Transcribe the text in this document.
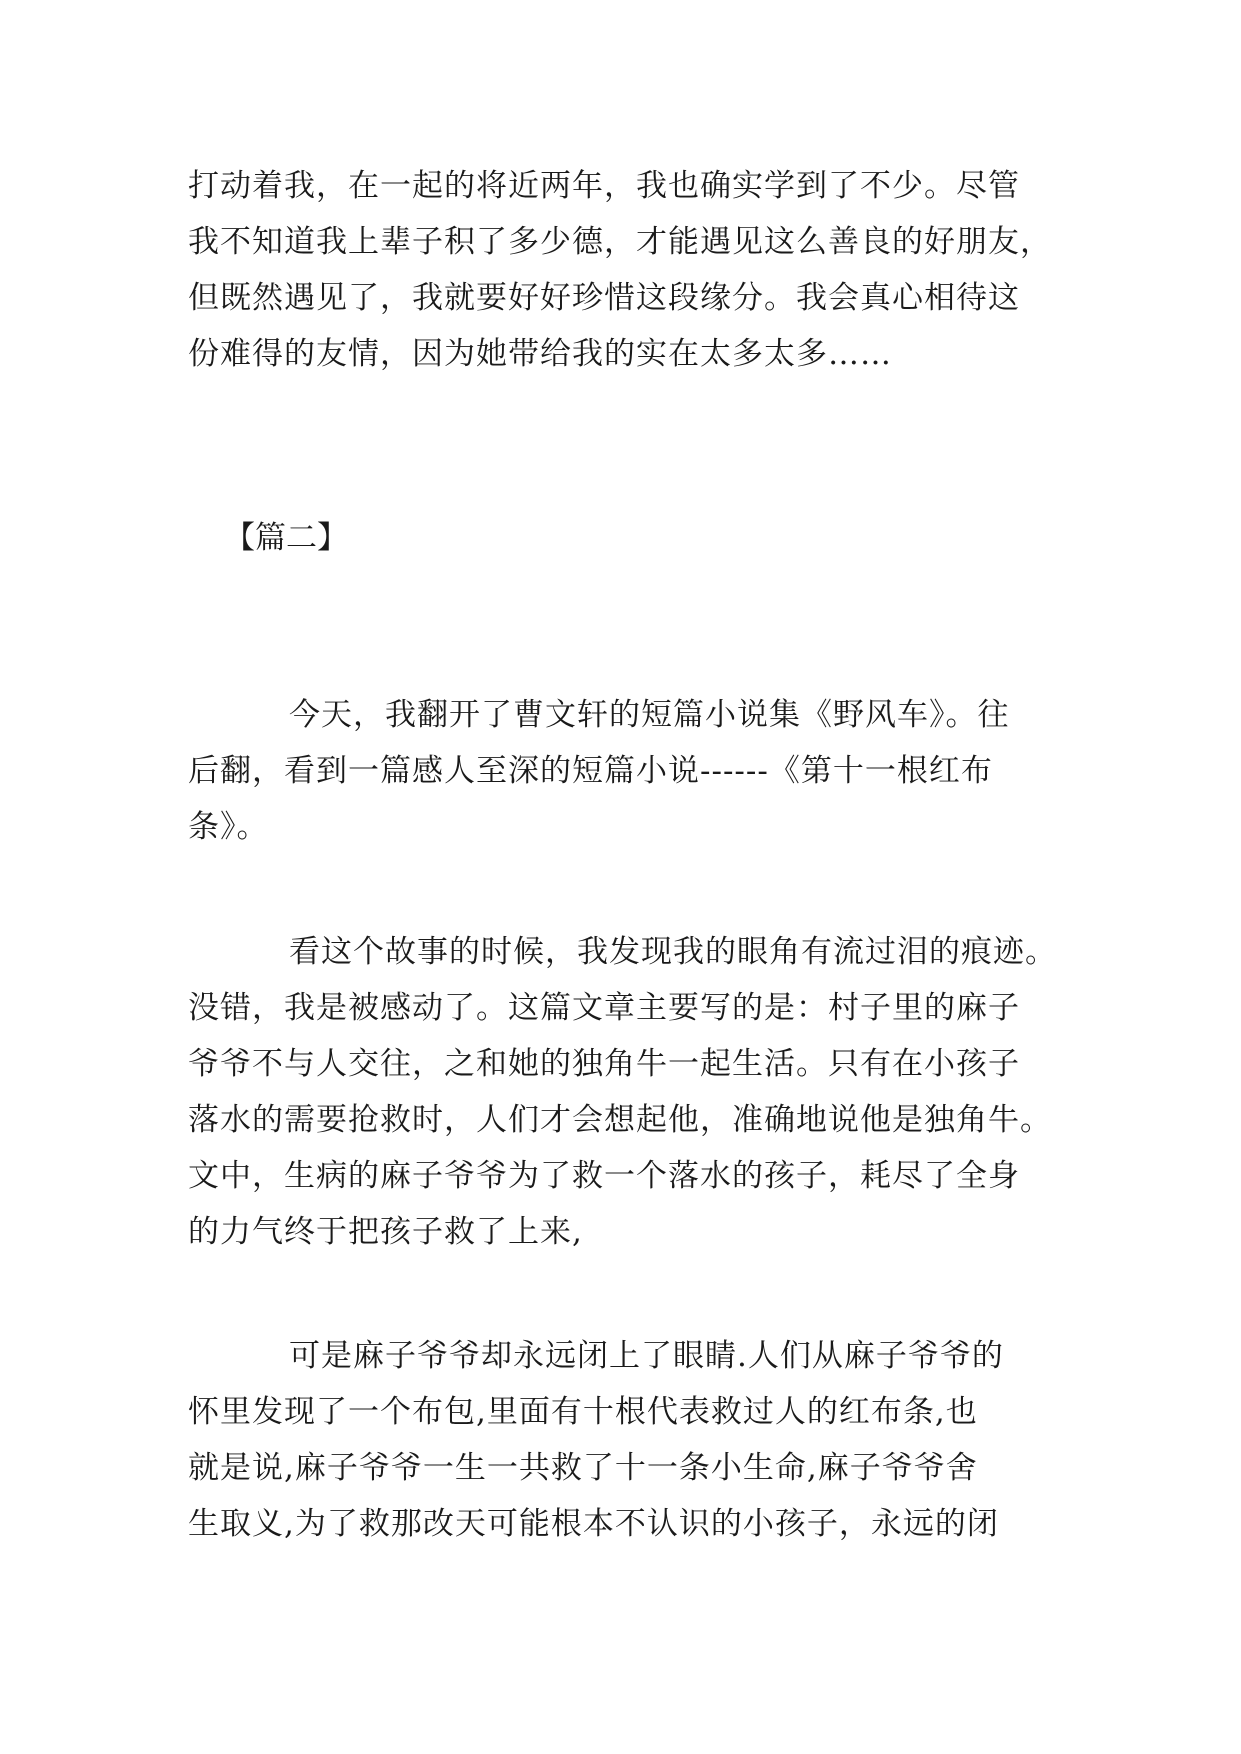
打动着我，在一起的将近两年，我也确实学到了不少。尽管
我不知道我上辈子积了多少德，才能遇见这么善良的好朋友，
但既然遇见了，我就要好好珍惜这段缘分。我会真心相待这
份难得的友情，因为她带给我的实在太多太多……
【篇二】
今天，我翻开了曹文轩的短篇小说集《野风车》。往
后翻，看到一篇感人至深的短篇小说------《第十一根红布
条》。
看这个故事的时候，我发现我的眼角有流过泪的痕迹。
没错，我是被感动了。这篇文章主要写的是：村子里的麻子
爷爷不与人交往，之和她的独角牛一起生活。只有在小孩子
落水的需要抢救时，人们才会想起他，准确地说他是独角牛。
文中，生病的麻子爷爷为了救一个落水的孩子，耗尽了全身
的力气终于把孩子救了上来,
可是麻子爷爷却永远闭上了眼睛.人们从麻子爷爷的
怀里发现了一个布包,里面有十根代表救过人的红布条,也
就是说,麻子爷爷一生一共救了十一条小生命,麻子爷爷舍
生取义,为了救那改天可能根本不认识的小孩子，永远的闭
